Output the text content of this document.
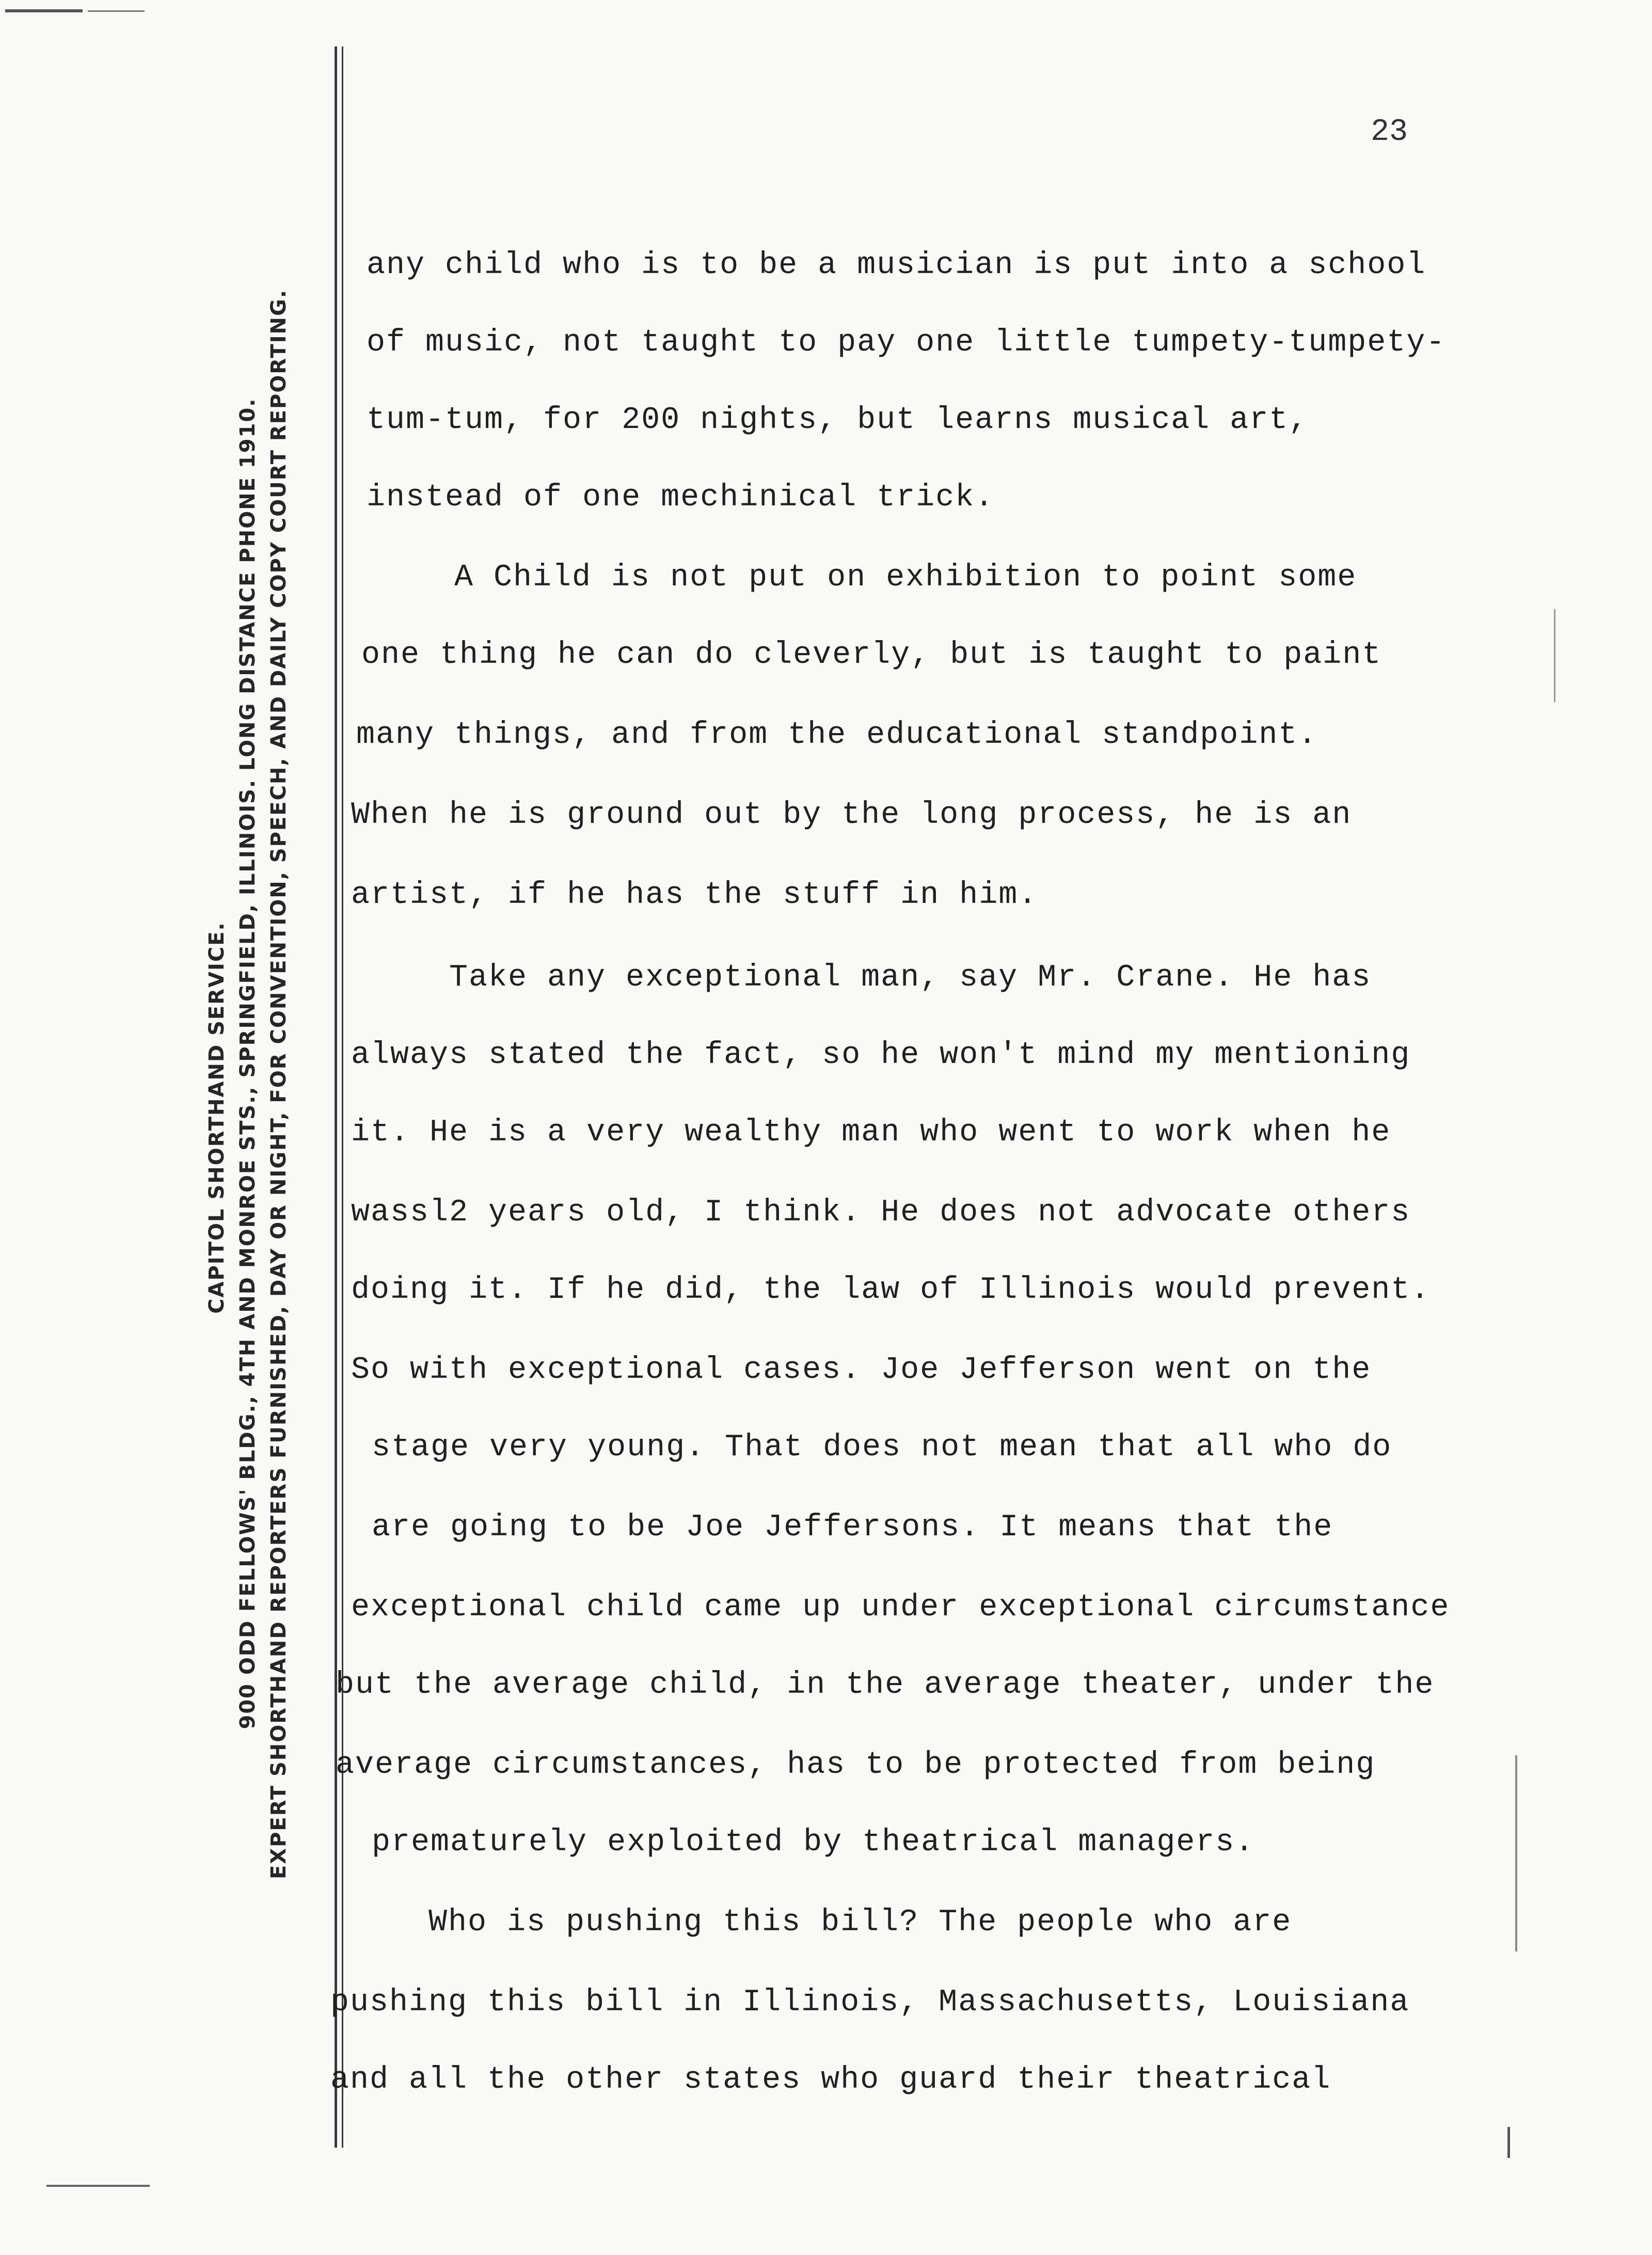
CAPITOL SHORTHAND SERVICE. 900 ODD FELLOWS' BLDG., 4TH AND MONROE STS., SPRINGFIELD, ILLINOIS. LONG DISTANCE PHONE 1910. EXPERT SHORTHAND REPORTERS FURNISHED, DAY OR NIGHT, FOR CONVENTION, SPEECH, AND DAILY COPY COURT REPORTING.
23
any child who is to be a musician is put into a school
of music, not taught to pay one little tumpety-tumpety-
tum-tum, for 200 nights, but learns musical art,
instead of one mechinical trick.
A Child is not put on exhibition to point some
one thing he can do cleverly, but is taught to paint
many things, and from the educational standpoint.
When he is ground out by the long process, he is an
artist, if he has the stuff in him.
Take any exceptional man, say Mr. Crane. He has
always stated the fact, so he won't mind my mentioning
it. He is a very wealthy man who went to work when he
wassl2 years old, I think. He does not advocate others
doing it. If he did, the law of Illinois would prevent.
So with exceptional cases. Joe Jefferson went on the
stage very young. That does not mean that all who do
are going to be Joe Jeffersons. It means that the
exceptional child came up under exceptional circumstance
but the average child, in the average theater, under the
average circumstances, has to be protected from being
prematurely exploited by theatrical managers.
Who is pushing this bill? The people who are
pushing this bill in Illinois, Massachusetts, Louisiana
and all the other states who guard their theatrical
